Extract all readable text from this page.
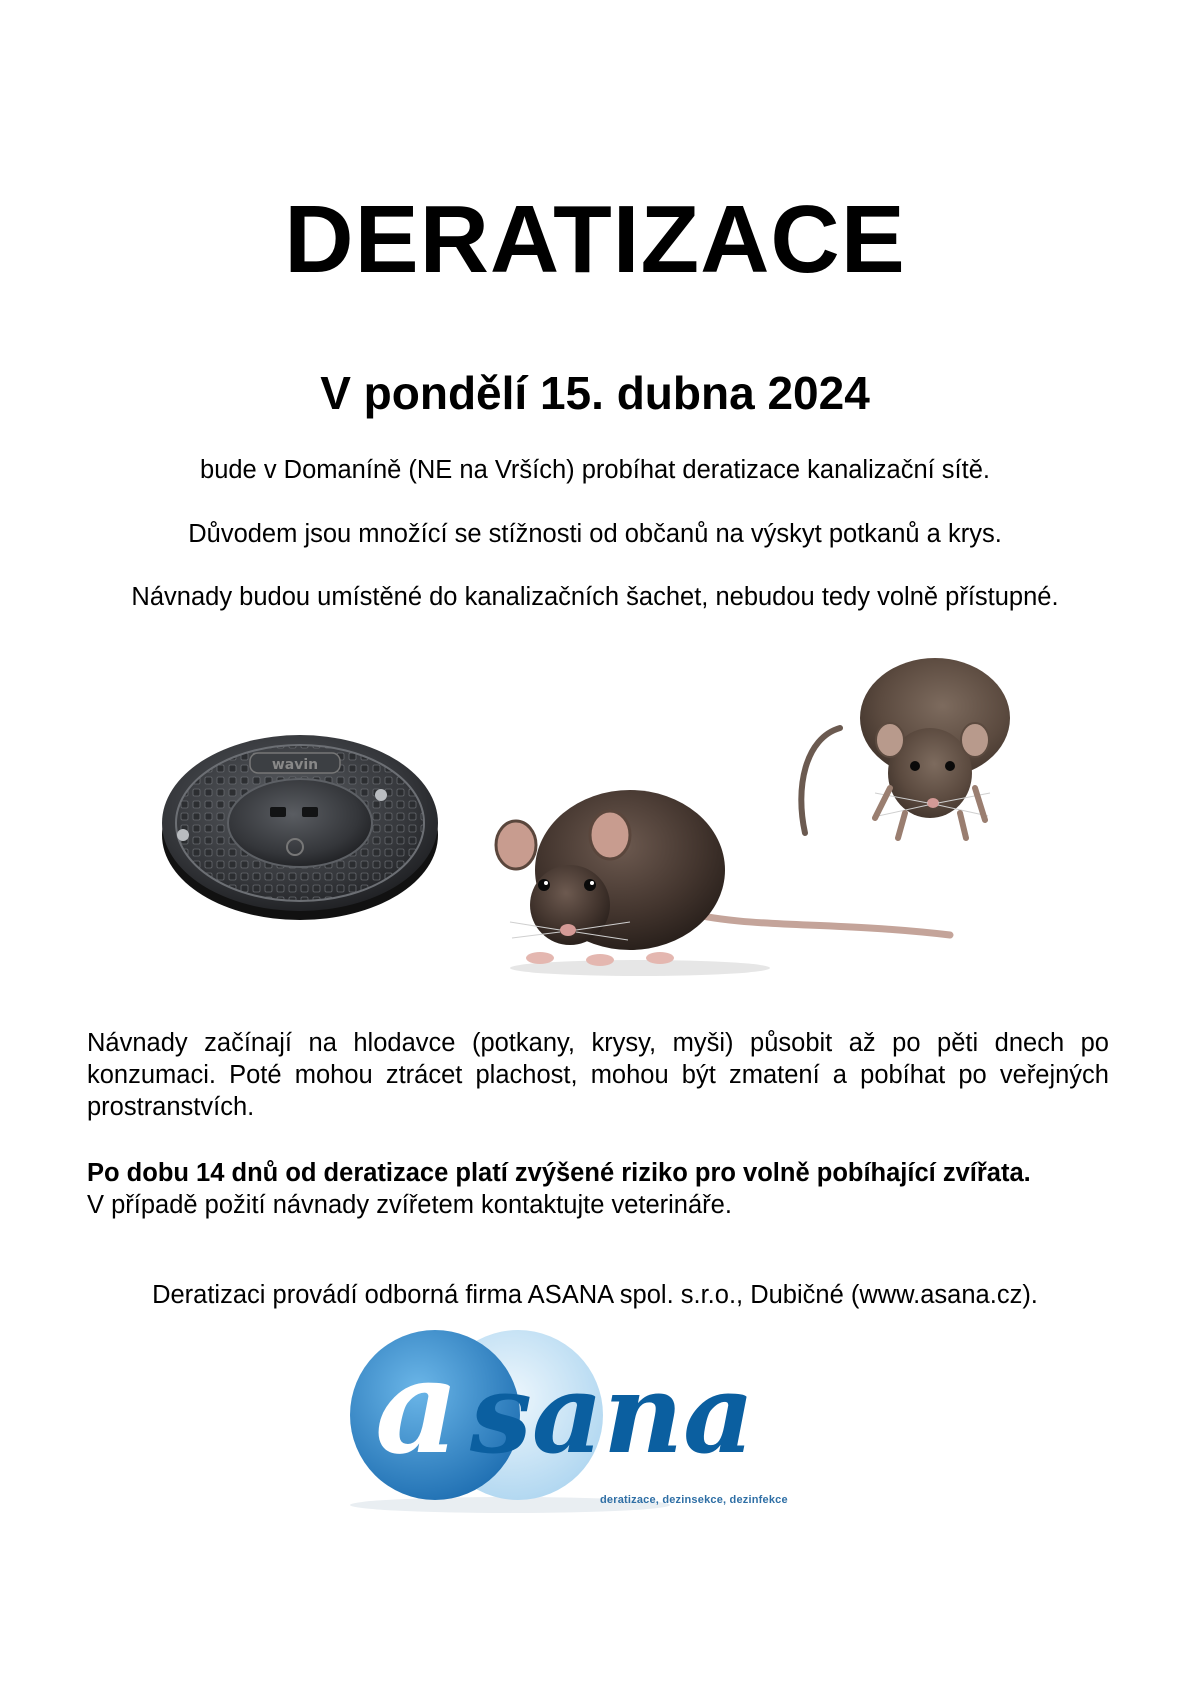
DERATIZACE
V pondělí 15. dubna 2024
bude v Domaníně (NE na Vrších) probíhat deratizace kanalizační sítě.
Důvodem jsou množící se stížnosti od občanů na výskyt potkanů a krys.
Návnady budou umístěné do kanalizačních šachet, nebudou tedy volně přístupné.
wavin
Návnady začínají na hlodavce (potkany, krysy, myši) působit až po pěti dnech po konzumaci. Poté mohou ztrácet plachost, mohou být zmatení a pobíhat po veřejných prostranstvích.
Po dobu 14 dnů od deratizace platí zvýšené riziko pro volně pobíhající zvířata.
V případě požití návnady zvířetem kontaktujte veterináře.
Deratizaci provádí odborná firma ASANA spol. s.r.o., Dubičné (www.asana.cz).
a sana
deratizace, dezinsekce, dezinfekce
